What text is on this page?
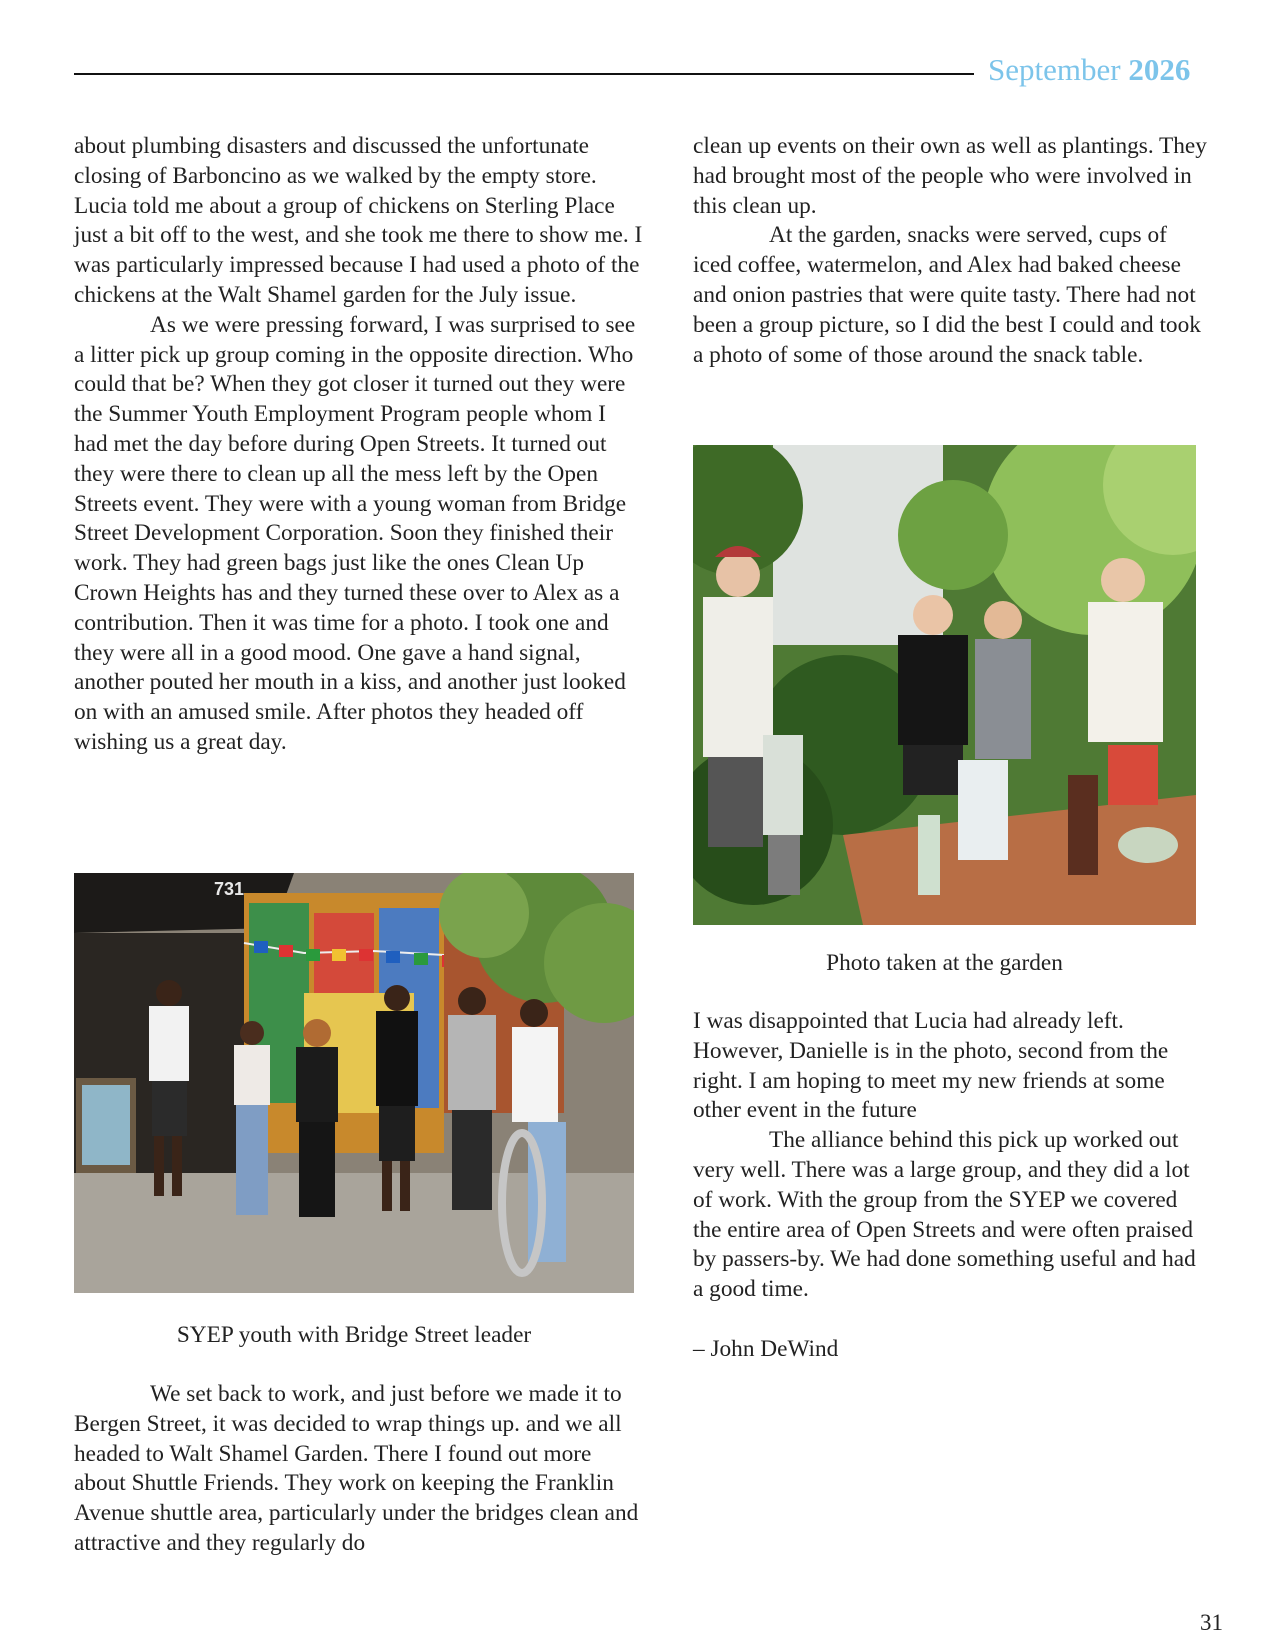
September 2026

about plumbing disasters and discussed the unfortunate closing of Barboncino as we walked by the empty store. Lucia told me about a group of chickens on Sterling Place just a bit off to the west, and she took me there to show me. I was particularly impressed because I had used a photo of the chickens at the Walt Shamel garden for the July issue.

As we were pressing forward, I was surprised to see a litter pick up group coming in the opposite direction. Who could that be? When they got closer it turned out they were the Summer Youth Employment Program people whom I had met the day before during Open Streets. It turned out they were there to clean up all the mess left by the Open Streets event. They were with a young woman from Bridge Street Development Corporation. Soon they finished their work. They had green bags just like the ones Clean Up Crown Heights has and they turned these over to Alex as a contribution. Then it was time for a photo. I took one and they were all in a good mood. One gave a hand signal, another pouted her mouth in a kiss, and another just looked on with an amused smile. After photos they headed off wishing us a great day.

731
SYEP youth with Bridge Street leader

We set back to work, and just before we made it to Bergen Street, it was decided to wrap things up. and we all headed to Walt Shamel Garden. There I found out more about Shuttle Friends. They work on keeping the Franklin Avenue shuttle area, particularly under the bridges clean and attractive and they regularly do

clean up events on their own as well as plantings. They had brought most of the people who were involved in this clean up.

At the garden, snacks were served, cups of iced coffee, watermelon, and Alex had baked cheese and onion pastries that were quite tasty. There had not been a group picture, so I did the best I could and took a photo of some of those around the snack table.

Photo taken at the garden

I was disappointed that Lucia had already left. However, Danielle is in the photo, second from the right. I am hoping to meet my new friends at some other event in the future

The alliance behind this pick up worked out very well. There was a large group, and they did a lot of work. With the group from the SYEP we covered the entire area of Open Streets and were often praised by passers-by. We had done something useful and had a good time.

– John DeWind

31
